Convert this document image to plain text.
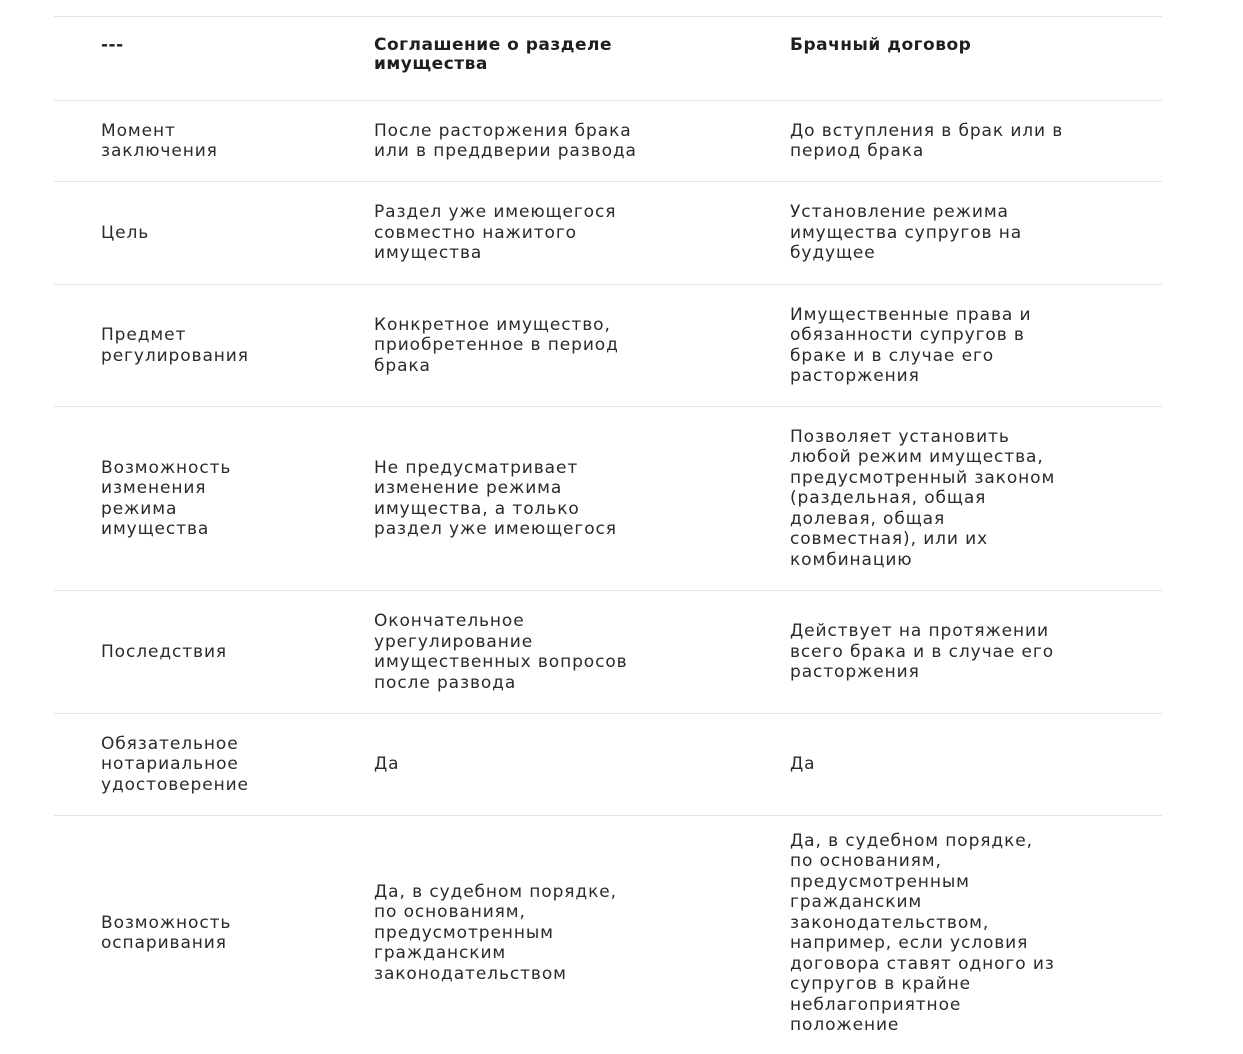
---	Соглашение о разделе
имущества
Брачный договор
Момент
заключения
После расторжения брака
или в преддверии развода
До вступления в брак или в
период брака
Цель
Раздел уже имеющегося
совместно нажитого
имущества
Установление режима
имущества супругов на
будущее
Предмет
регулирования
Конкретное имущество,
приобретенное в период
брака
Имущественные права и
обязанности супругов в
браке и в случае его
расторжения
Возможность
изменения
режима
имущества
Не предусматривает
изменение режима
имущества, а только
раздел уже имеющегося
Позволяет установить
любой режим имущества,
предусмотренный законом
(раздельная, общая
долевая, общая
совместная), или их
комбинацию
Последствия
Окончательное
урегулирование
имущественных вопросов
после развода
Действует на протяжении
всего брака и в случае его
расторжения
Обязательное
нотариальное
удостоверение
Да	Да
Возможность
оспаривания
Да, в судебном порядке,
по основаниям,
предусмотренным
гражданским
законодательством
Да, в судебном порядке,
по основаниям,
предусмотренным
гражданским
законодательством,
например, если условия
договора ставят одного из
супругов в крайне
неблагоприятное
положение
